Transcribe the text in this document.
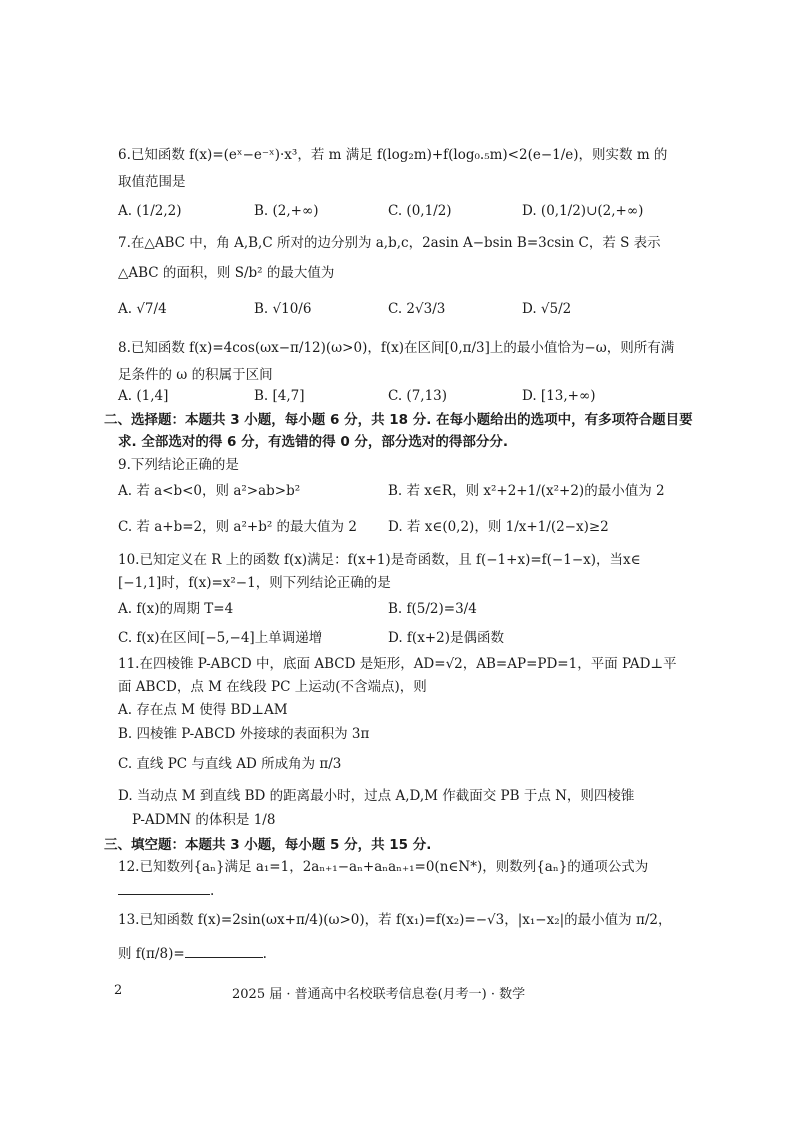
6.已知函数 f(x)=(eˣ−e⁻ˣ)·x³，若 m 满足 f(log₂m)+f(log₀.₅m)<2(e−1/e)，则实数 m 的
取值范围是
A. (1/2,2)	B. (2,+∞)	C. (0,1/2)	D. (0,1/2)∪(2,+∞)
7.在△ABC 中，角 A,B,C 所对的边分别为 a,b,c，2asin A−bsin B=3csin C，若 S 表示
△ABC 的面积，则 S/b² 的最大值为
A. √7/4	B. √10/6	C. 2√3/3	D. √5/2
8.已知函数 f(x)=4cos(ωx−π/12)(ω>0)，f(x)在区间[0,π/3]上的最小值恰为−ω，则所有满
足条件的 ω 的积属于区间
A. (1,4]	B. [4,7]	C. (7,13)	D. [13,+∞)
二、选择题：本题共 3 小题，每小题 6 分，共 18 分. 在每小题给出的选项中，有多项符合题目要
求. 全部选对的得 6 分，有选错的得 0 分，部分选对的得部分分.
9.下列结论正确的是
A. 若 a<b<0，则 a²>ab>b²	B. 若 x∈R，则 x²+2+1/(x²+2)的最小值为 2
C. 若 a+b=2，则 a²+b² 的最大值为 2 D. 若 x∈(0,2)，则 1/x+1/(2−x)≥2
10.已知定义在 R 上的函数 f(x)满足：f(x+1)是奇函数，且 f(−1+x)=f(−1−x)，当x∈
[−1,1]时，f(x)=x²−1，则下列结论正确的是
A. f(x)的周期 T=4	B. f(5/2)=3/4
C. f(x)在区间[−5,−4]上单调递增	D. f(x+2)是偶函数
11.在四棱锥 P-ABCD 中，底面 ABCD 是矩形，AD=√2，AB=AP=PD=1，平面 PAD⊥平
面 ABCD，点 M 在线段 PC 上运动(不含端点)，则
A. 存在点 M 使得 BD⊥AM
B. 四棱锥 P-ABCD 外接球的表面积为 3π
C. 直线 PC 与直线 AD 所成角为 π/3
D. 当动点 M 到直线 BD 的距离最小时，过点 A,D,M 作截面交 PB 于点 N，则四棱锥
P-ADMN 的体积是 1/8
三、填空题：本题共 3 小题，每小题 5 分，共 15 分.
12.已知数列{aₙ}满足 a₁=1，2aₙ₊₁−aₙ+aₙaₙ₊₁=0(n∈N*)，则数列{aₙ}的通项公式为
.
13.已知函数 f(x)=2sin(ωx+π/4)(ω>0)，若 f(x₁)=f(x₂)=−√3，|x₁−x₂|的最小值为 π/2，
则 f(π/8)=	.
2	2025 届 · 普通高中名校联考信息卷(月考一) · 数学
